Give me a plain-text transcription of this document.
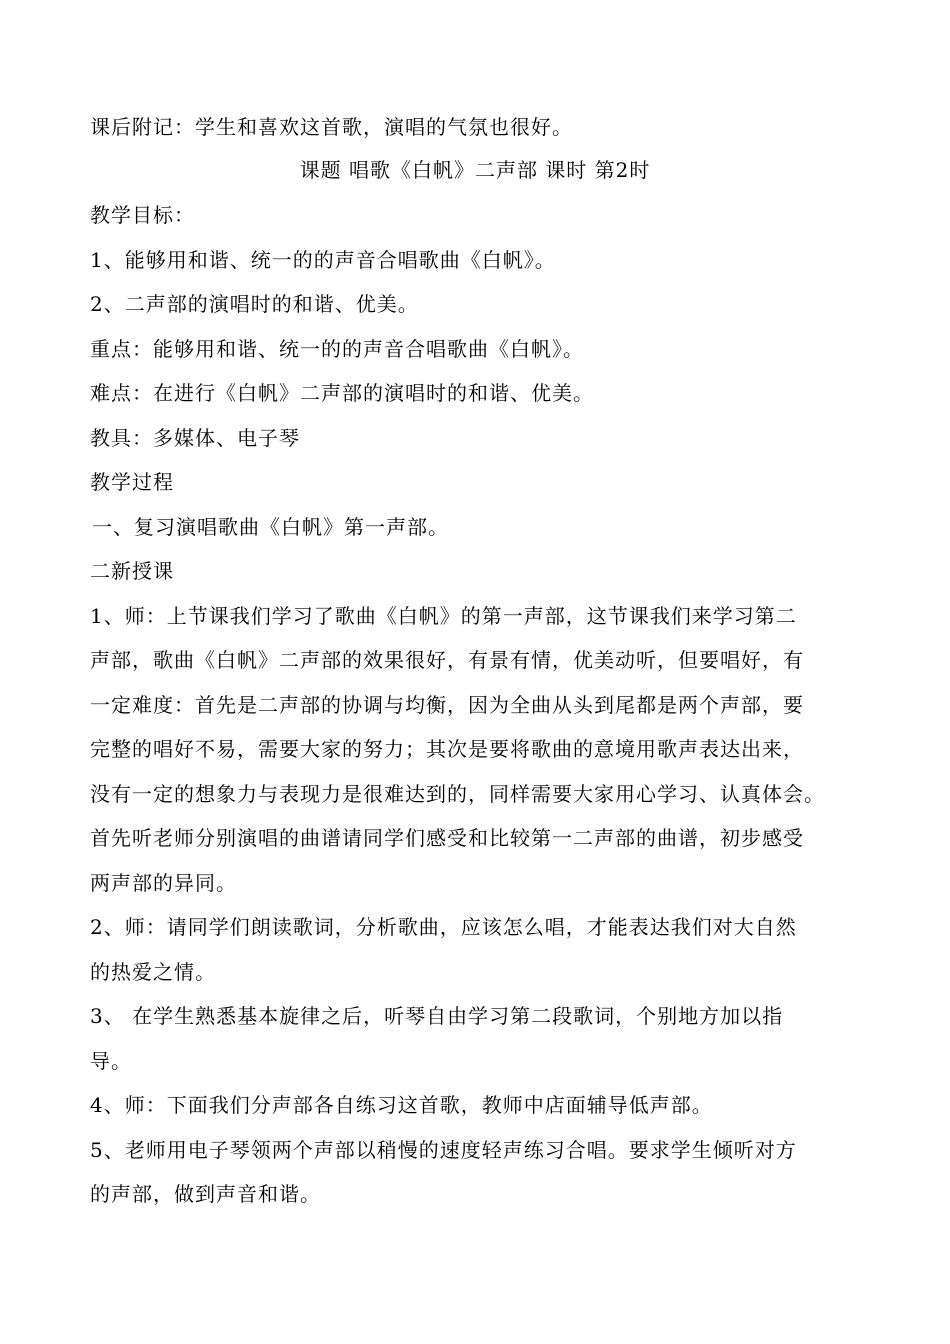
课后附记：学生和喜欢这首歌，演唱的气氛也很好。
课题 唱歌《白帆》二声部 课时 第2时
教学目标：
1、能够用和谐、统一的的声音合唱歌曲《白帆》。
2、二声部的演唱时的和谐、优美。
重点：能够用和谐、统一的的声音合唱歌曲《白帆》。
难点：在进行《白帆》二声部的演唱时的和谐、优美。
教具：多媒体、电子琴
教学过程
一、复习演唱歌曲《白帆》第一声部。
二新授课
1、师：上节课我们学习了歌曲《白帆》的第一声部，这节课我们来学习第二
声部，歌曲《白帆》二声部的效果很好，有景有情，优美动听，但要唱好，有
一定难度：首先是二声部的协调与均衡，因为全曲从头到尾都是两个声部，要
完整的唱好不易，需要大家的努力；其次是要将歌曲的意境用歌声表达出来，
没有一定的想象力与表现力是很难达到的，同样需要大家用心学习、认真体会。
首先听老师分别演唱的曲谱请同学们感受和比较第一二声部的曲谱，初步感受
两声部的异同。
2、师：请同学们朗读歌词，分析歌曲，应该怎么唱，才能表达我们对大自然
的热爱之情。
3、 在学生熟悉基本旋律之后，听琴自由学习第二段歌词，个别地方加以指
导。
4、师：下面我们分声部各自练习这首歌，教师中店面辅导低声部。
5、老师用电子琴领两个声部以稍慢的速度轻声练习合唱。要求学生倾听对方
的声部，做到声音和谐。
